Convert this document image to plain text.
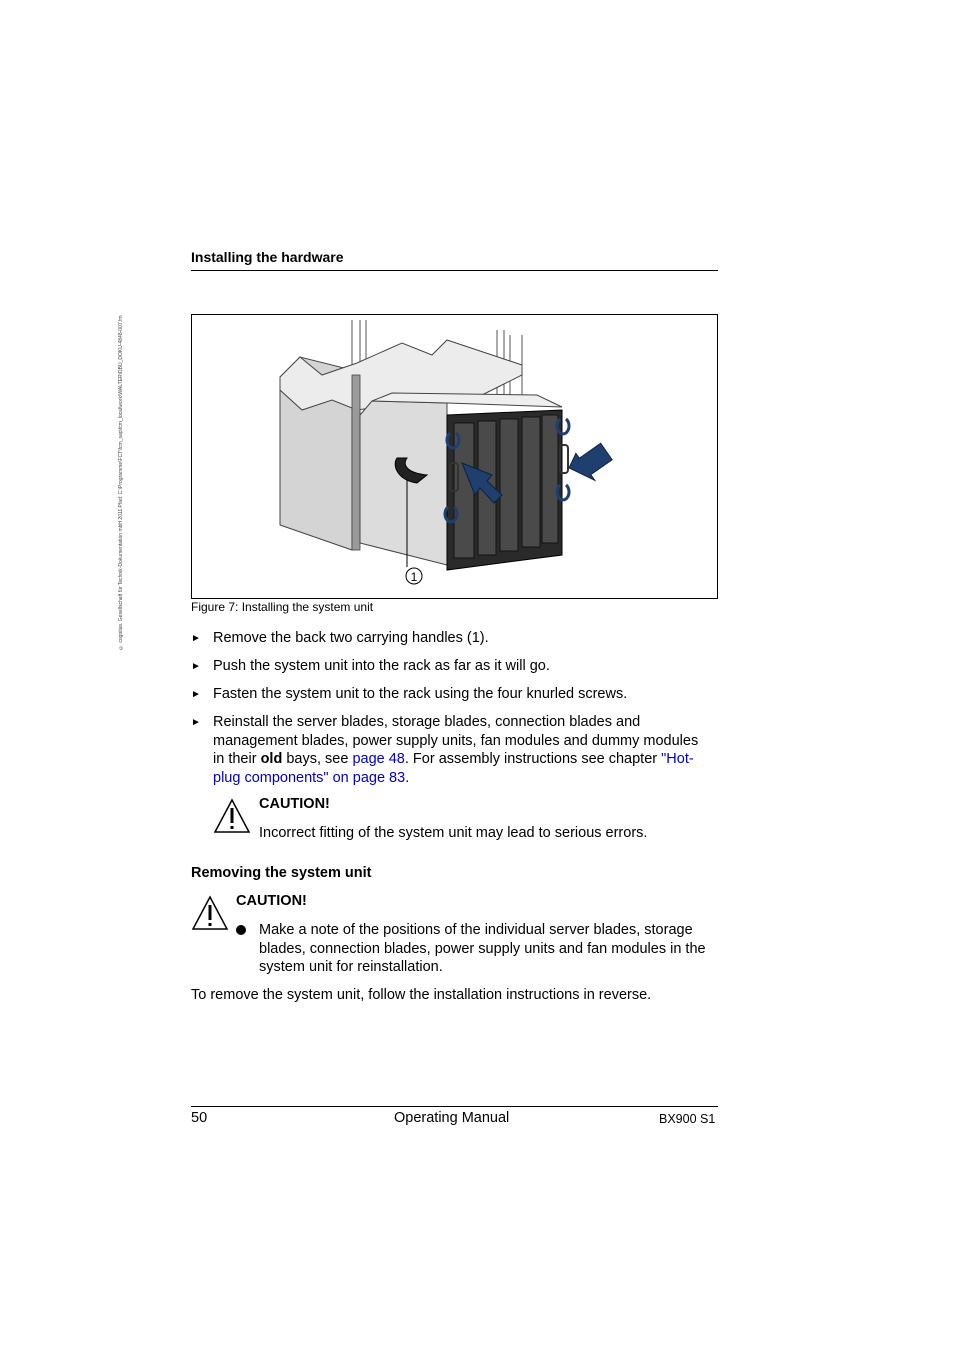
© cognitas. Gesellschaft für Technik-Dokumentation mbH 2011 Pfad: C:\Programme\FCT\fcm_sap\fcm_local\work\WALTER\DBU_DOKU-4848-007.fm
Installing the hardware
1
Figure 7: Installing the system unit
► Remove the back two carrying handles (1).
► Push the system unit into the rack as far as it will go.
► Fasten the system unit to the rack using the four knurled screws.
► Reinstall the server blades, storage blades, connection blades and
management blades, power supply units, fan modules and dummy modules
in their old bays, see page 48. For assembly instructions see chapter "Hot-
plug components" on page 83.
CAUTION!
Incorrect fitting of the system unit may lead to serious errors.
Removing the system unit
CAUTION!
Make a note of the positions of the individual server blades, storage
blades, connection blades, power supply units and fan modules in the
system unit for reinstallation.
To remove the system unit, follow the installation instructions in reverse.
50	Operating Manual	BX900 S1
